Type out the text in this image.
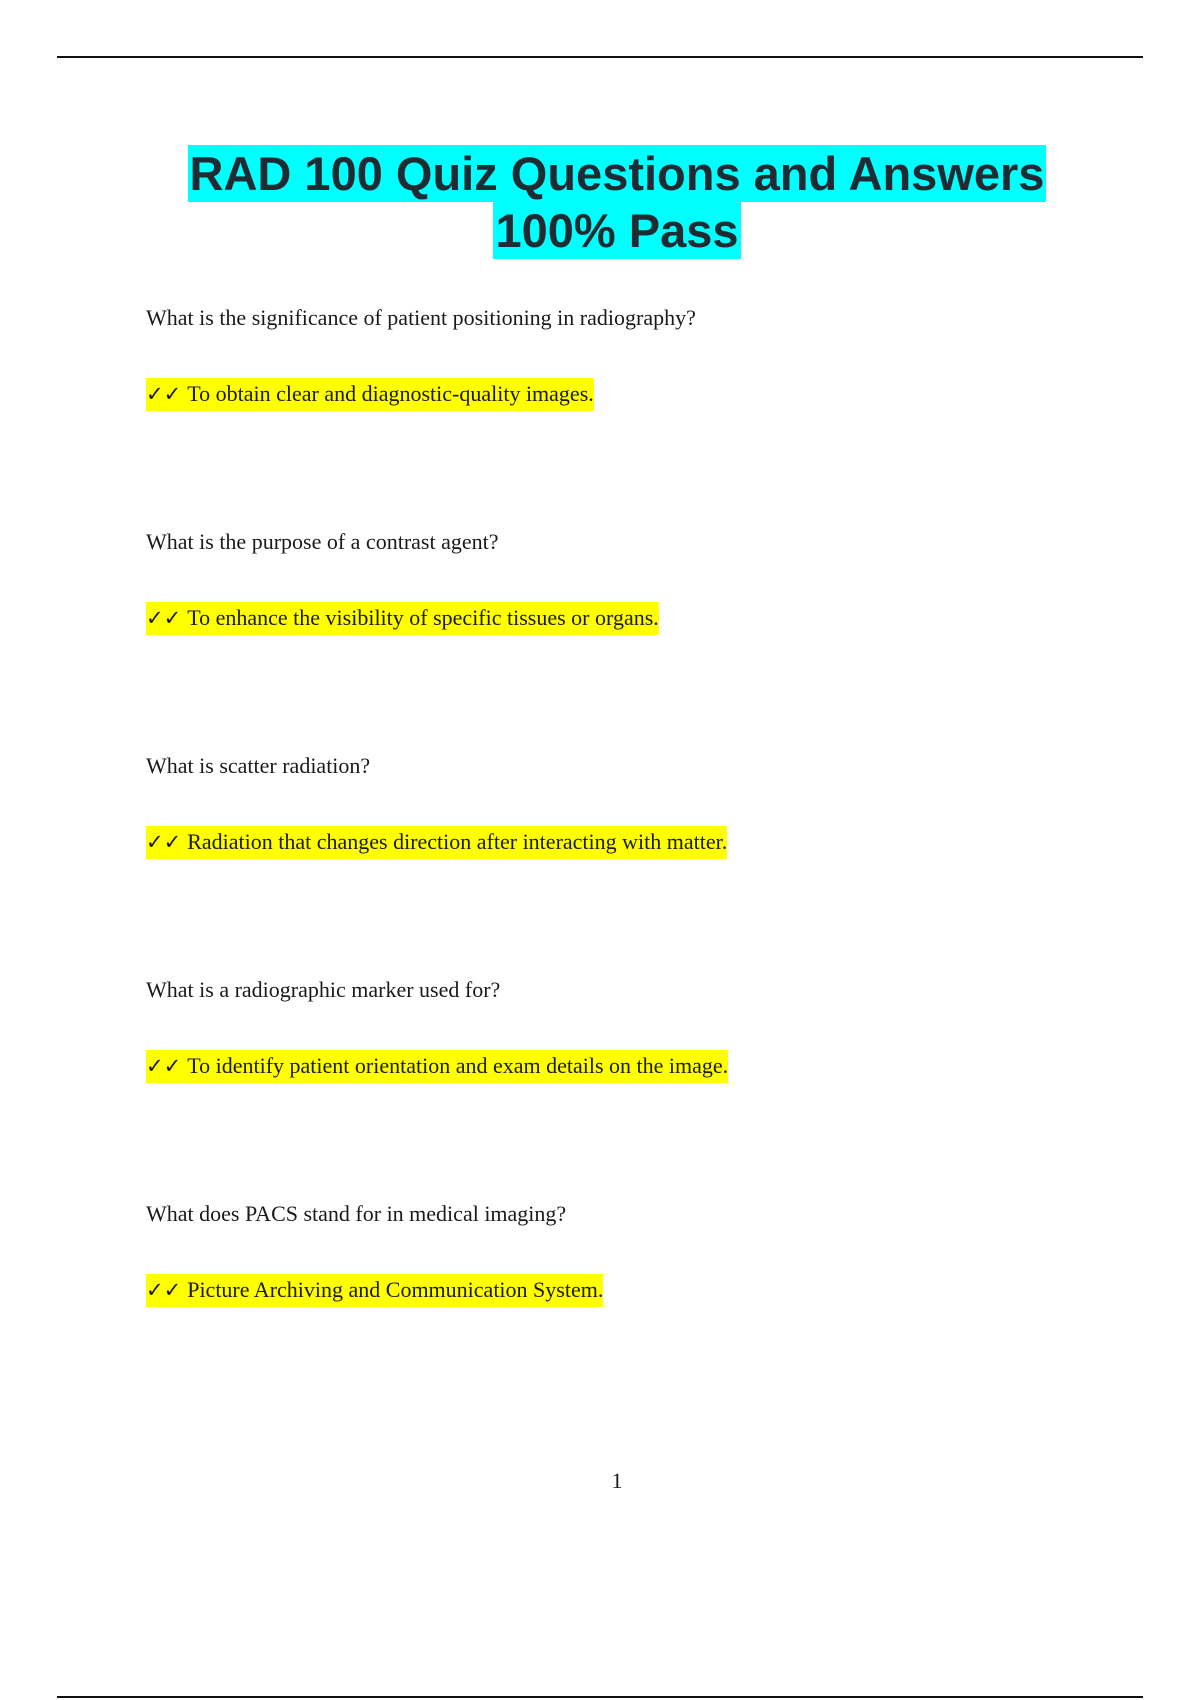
RAD 100 Quiz Questions and Answers
100% Pass

What is the significance of patient positioning in radiography?

✓✓ To obtain clear and diagnostic-quality images.

What is the purpose of a contrast agent?

✓✓ To enhance the visibility of specific tissues or organs.

What is scatter radiation?

✓✓ Radiation that changes direction after interacting with matter.

What is a radiographic marker used for?

✓✓ To identify patient orientation and exam details on the image.

What does PACS stand for in medical imaging?

✓✓ Picture Archiving and Communication System.

1
